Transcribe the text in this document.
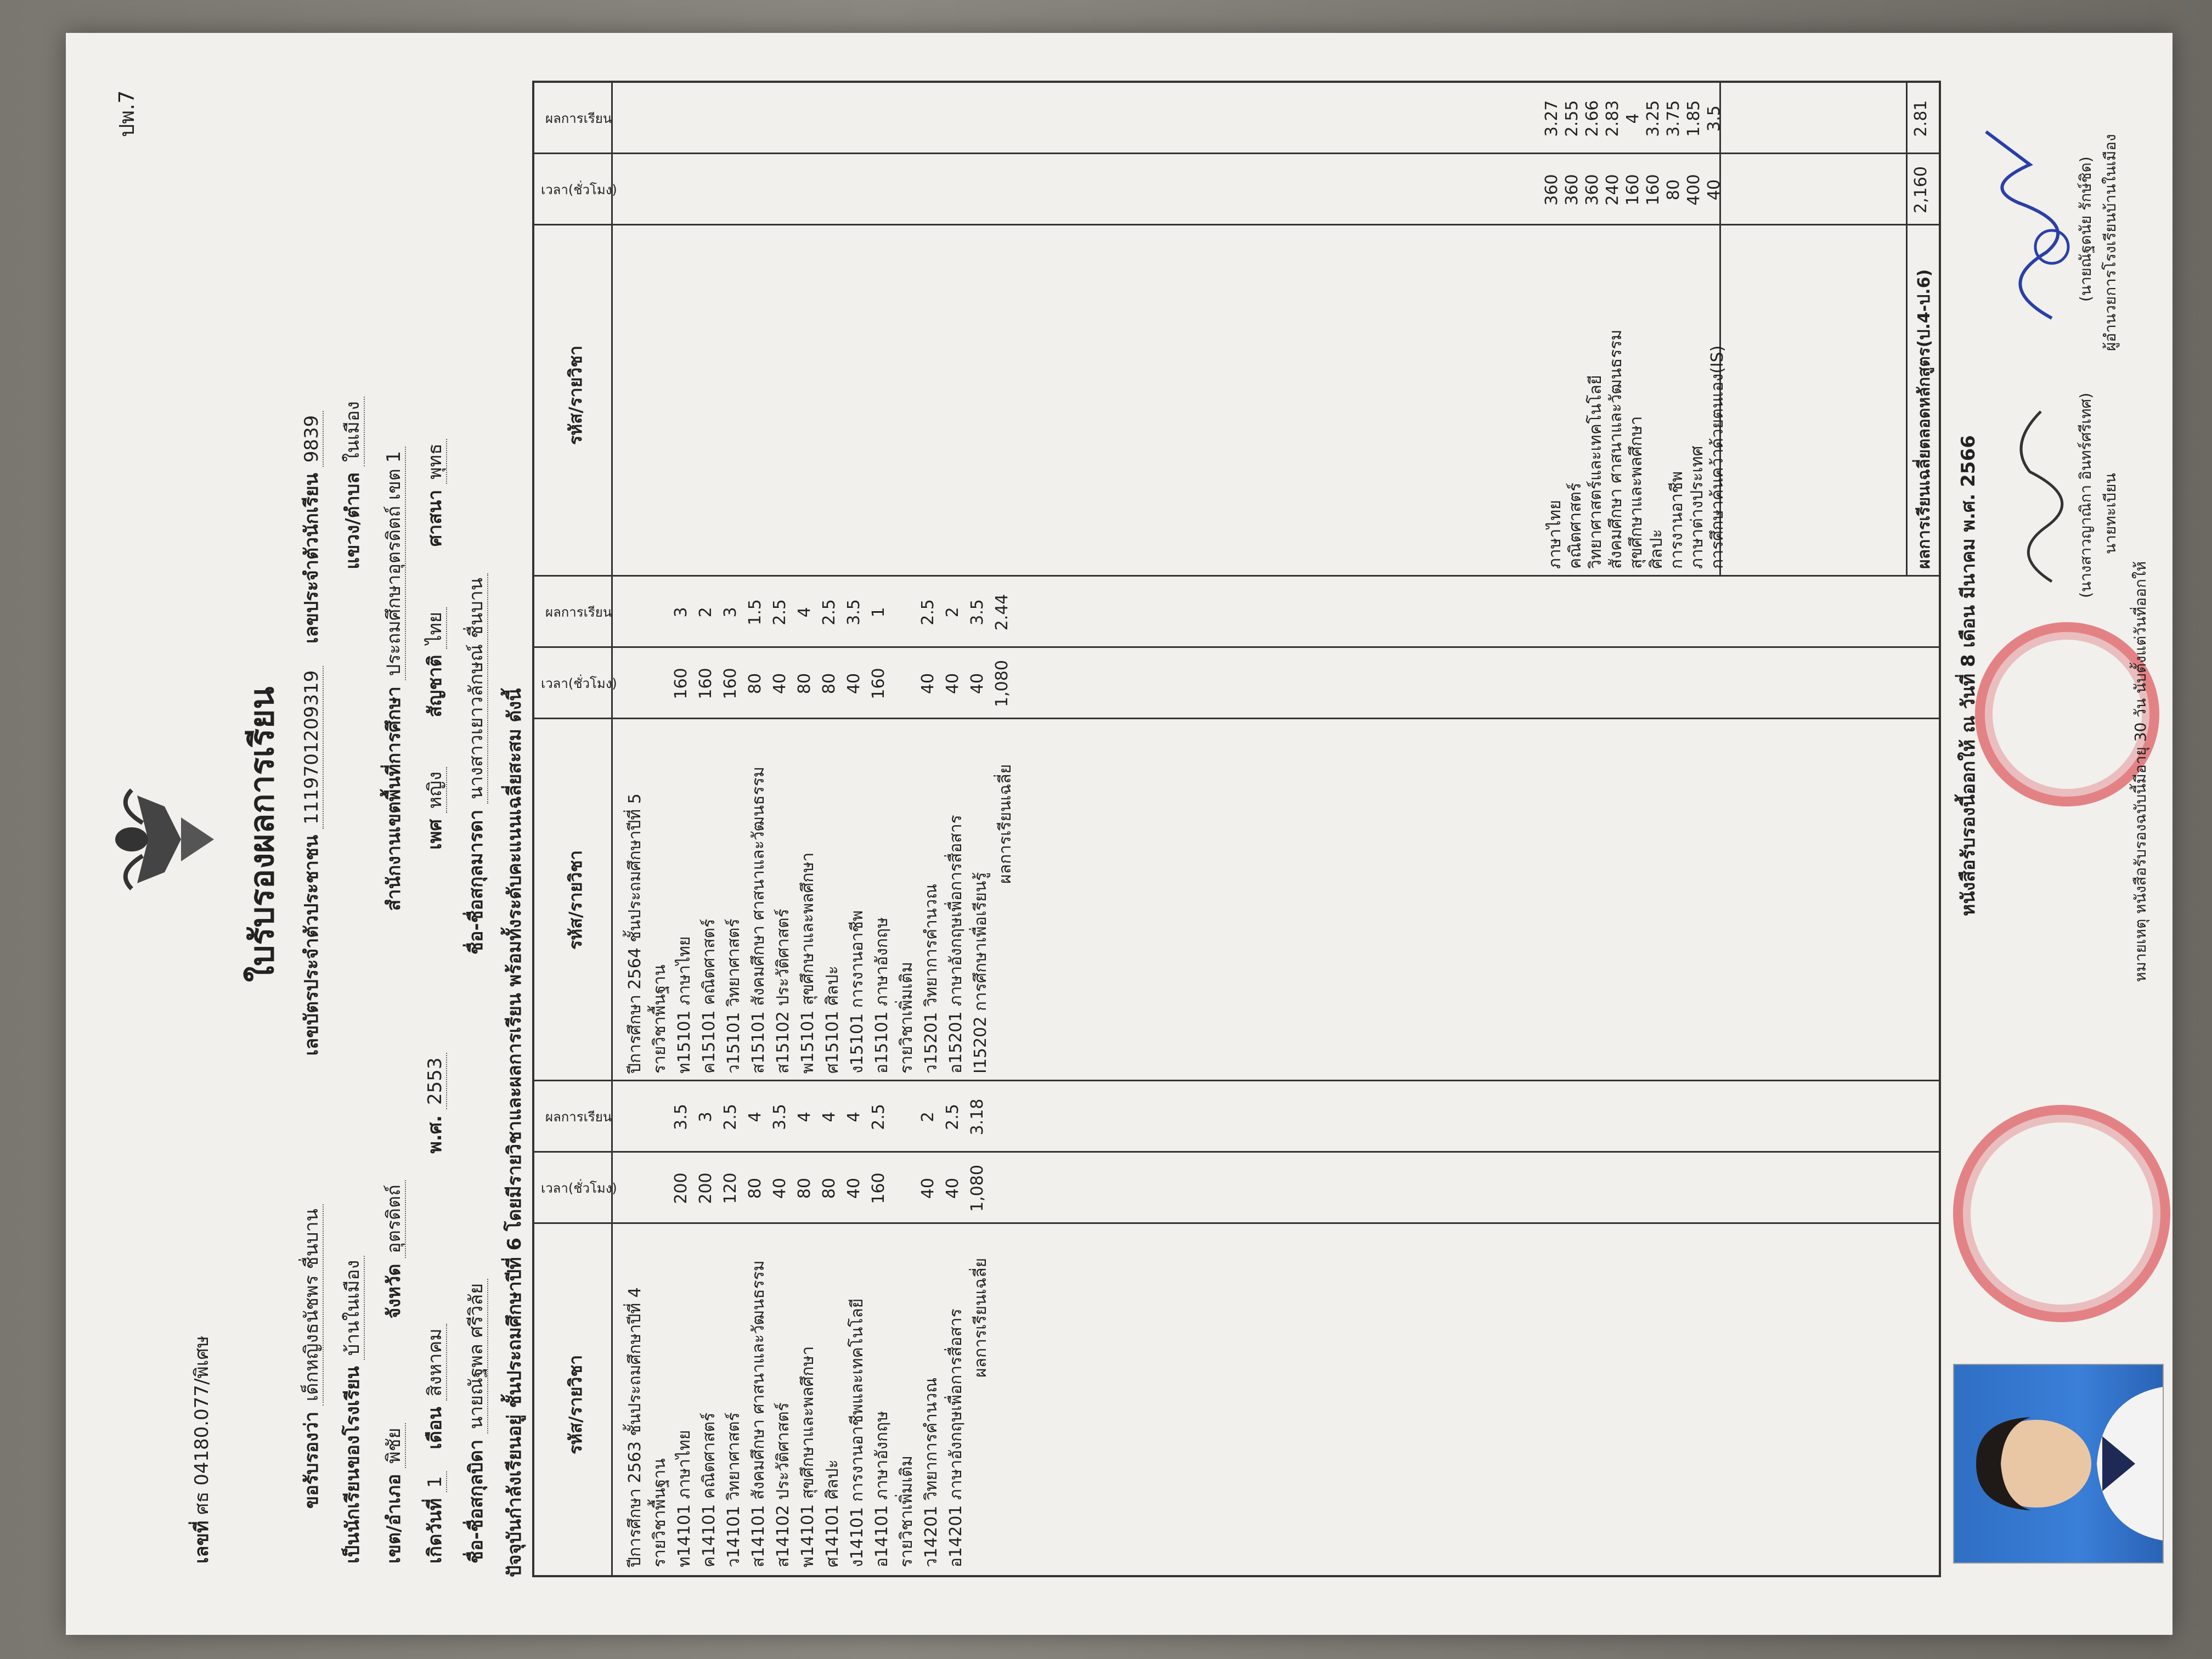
ปพ.7
เลขที่ ศธ 04180.077/พิเศษ
ใบรับรองผลการเรียน
ขอรับรองว่า เด็กหญิงธนัชพร ชื่นบาน เลขบัตรประจำตัวประชาชน 1119701209319 เลขประจำตัวนักเรียน 9839
เป็นนักเรียนของโรงเรียน บ้านในเมือง แขวง/ตำบล ในเมือง
เขต/อำเภอ พิชัย จังหวัด อุตรดิตถ์ สำนักงานเขตพื้นที่การศึกษา ประถมศึกษาอุตรดิตถ์ เขต 1
เกิดวันที่ 1 เดือน สิงหาคม พ.ศ. 2553 เพศ หญิง สัญชาติ ไทย ศาสนา พุทธ
ชื่อ-ชื่อสกุลบิดา นายณัฐพล ศรีวิลัย ชื่อ-ชื่อสกุลมารดา นางสาวเยาวลักษณ์ ชื่นบาน ปัจจุบันกำลังเรียนอยู่ ชั้นประถมศึกษาปีที่ 6 โดยมีรายวิชาและผลการเรียน พร้อมทั้งระดับคะแนนเฉลี่ยสะสม ดังนี้ รหัส/รายวิชา
เวลา(ชั่วโมง)
ผลการเรียน
รหัส/รายวิชา
เวลา(ชั่วโมง)
ผลการเรียน
รหัส/รายวิชา
เวลา(ชั่วโมง)
ผลการเรียน
ปีการศึกษา 2563 ชั้นประถมศึกษาปีที่ 4 รายวิชาพื้นฐาน ท14101 ภาษาไทย
200
3.5
ค14101 คณิตศาสตร์
200
3
ว14101 วิทยาศาสตร์
120
2.5
ส14101 สังคมศึกษา ศาสนาและวัฒนธรรม
80
4
ส14102 ประวัติศาสตร์
40
3.5
พ14101 สุขศึกษาและพลศึกษา
80
4
ศ14101 ศิลปะ
80
4
ง14101 การงานอาชีพและเทคโนโลยี
40
4
อ14101 ภาษาอังกฤษ
160
2.5
รายวิชาเพิ่มเติม ว14201 วิทยาการคำนวณ
40
2
อ14201 ภาษาอังกฤษเพื่อการสื่อสาร
40
2.5
ผลการเรียนเฉลี่ย
1,080
3.18
ปีการศึกษา 2564 ชั้นประถมศึกษาปีที่ 5 รายวิชาพื้นฐาน ท15101 ภาษาไทย
160
3
ค15101 คณิตศาสตร์
160
2
ว15101 วิทยาศาสตร์
160
3
ส15101 สังคมศึกษา ศาสนาและวัฒนธรรม
80
1.5
ส15102 ประวัติศาสตร์
40
2.5
พ15101 สุขศึกษาและพลศึกษา
80
4
ศ15101 ศิลปะ
80
2.5
ง15101 การงานอาชีพ
40
3.5
อ15101 ภาษาอังกฤษ
160
1
รายวิชาเพิ่มเติม ว15201 วิทยาการคำนวณ
40
2.5
อ15201 ภาษาอังกฤษเพื่อการสื่อสาร
40
2
I15202 การศึกษาเพื่อเรียนรู้
40
3.5
ผลการเรียนเฉลี่ย
1,080
2.44
ภาษาไทย
360
3.27
คณิตศาสตร์
360
2.55
วิทยาศาสตร์และเทคโนโลยี
360
2.66
สังคมศึกษา ศาสนาและวัฒนธรรม
240
2.83
สุขศึกษาและพลศึกษา
160
4
ศิลปะ
160
3.25
การงานอาชีพ
80
3.75
ภาษาต่างประเทศ
400
1.85
การศึกษาค้นคว้าด้วยตนเอง(IS)
40
3.5
ผลการเรียนเฉลี่ยตลอดหลักสูตร(ป.4-ป.6)
2,160
2.81
หนังสือรับรองนี้ออกให้ ณ วันที่ 8 เดือน มีนาคม พ.ศ. 2566	(นางสาวญาณิกา อินทร์ศรีเทศ) นายทะเบียน
(นายณัฐดนัย รักษ์ชิด) ผู้อำนวยการโรงเรียนบ้านในเมือง
หมายเหตุ หนังสือรับรองฉบับนี้มีอายุ 30 วัน นับตั้งแต่วันที่ออกให้
